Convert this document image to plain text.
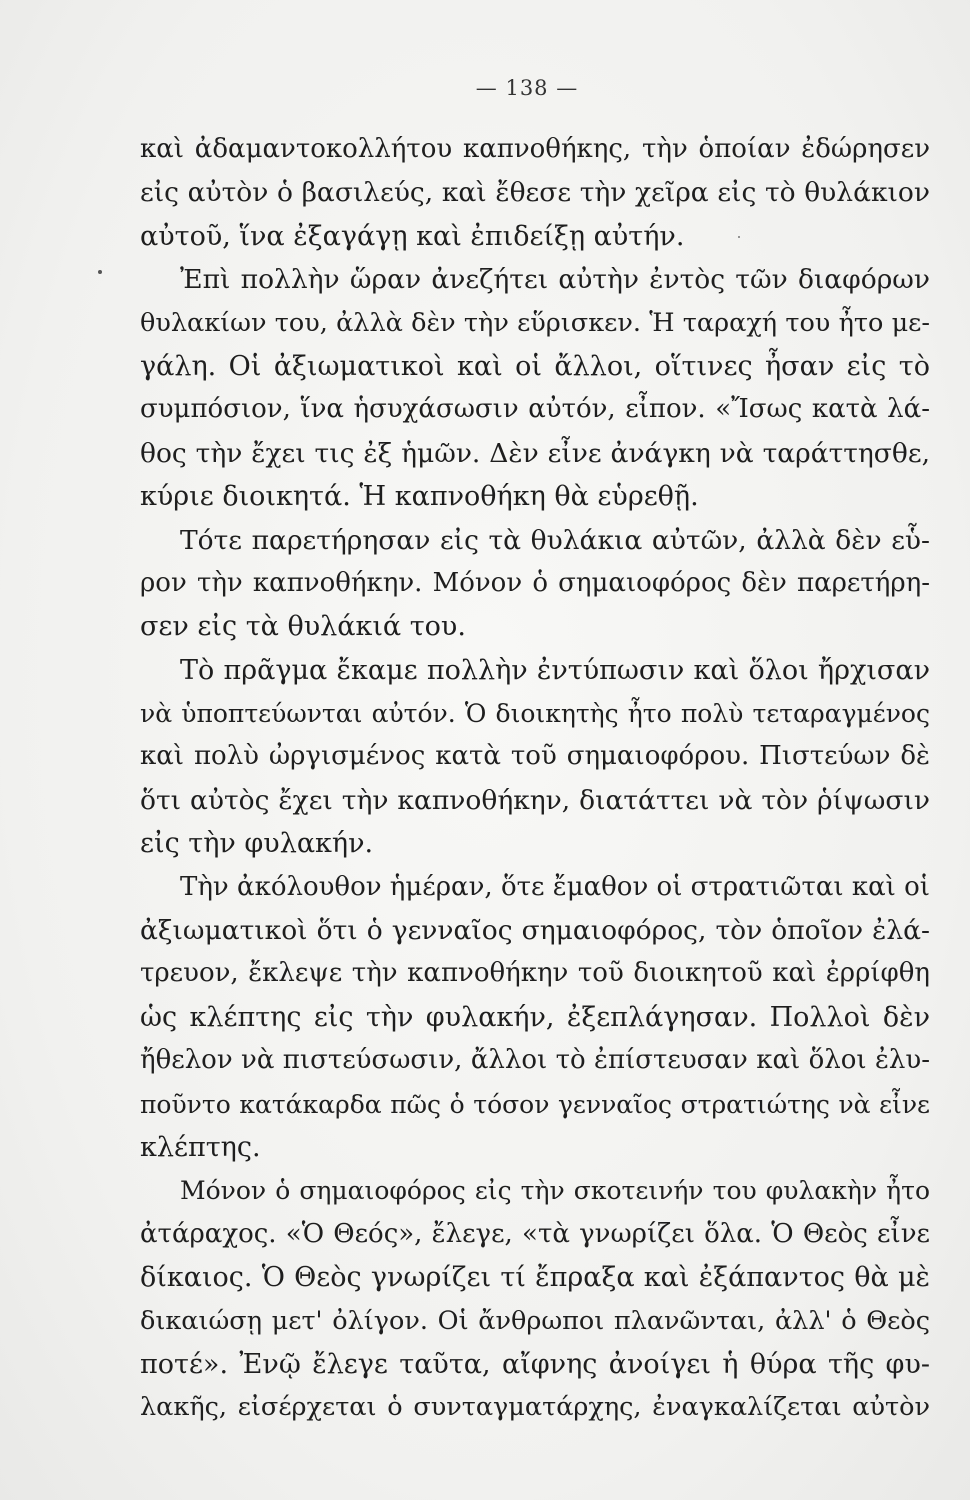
— 138 —
καὶ ἀδαμαντοκολλήτου καπνοθήκης, τὴν ὁποίαν ἐδώρησεν
εἰς αὐτὸν ὁ βασιλεύς, καὶ ἔθεσε τὴν χεῖρα εἰς τὸ θυλάκιον
αὐτοῦ, ἵνα ἐξαγάγῃ καὶ ἐπιδείξῃ αὐτήν.
Ἐπὶ πολλὴν ὥραν ἀνεζήτει αὐτὴν ἐντὸς τῶν διαφόρων
θυλακίων του, ἀλλὰ δὲν τὴν εὕρισκεν. Ἡ ταραχή του ἦτο με-
γάλη. Οἱ ἀξιωματικοὶ καὶ οἱ ἄλλοι, οἵτινες ἦσαν εἰς τὸ
συμπόσιον, ἵνα ἡσυχάσωσιν αὐτόν, εἶπον. «Ἴσως κατὰ λά-
θος τὴν ἔχει τις ἐξ ἡμῶν. Δὲν εἶνε ἀνάγκη νὰ ταράττησθε,
κύριε διοικητά. Ἡ καπνοθήκη θὰ εὑρεθῇ.
Τότε παρετήρησαν εἰς τὰ θυλάκια αὐτῶν, ἀλλὰ δὲν εὗ-
ρον τὴν καπνοθήκην. Μόνον ὁ σημαιοφόρος δὲν παρετήρη-
σεν εἰς τὰ θυλάκιά του.
Τὸ πρᾶγμα ἔκαμε πολλὴν ἐντύπωσιν καὶ ὅλοι ἤρχισαν
νὰ ὑποπτεύωνται αὐτόν. Ὁ διοικητὴς ἦτο πολὺ τεταραγμένος
καὶ πολὺ ὠργισμένος κατὰ τοῦ σημαιοφόρου. Πιστεύων δὲ
ὅτι αὐτὸς ἔχει τὴν καπνοθήκην, διατάττει νὰ τὸν ῥίψωσιν
εἰς τὴν φυλακήν.
Τὴν ἀκόλουθον ἡμέραν, ὅτε ἔμαθον οἱ στρατιῶται καὶ οἱ
ἀξιωματικοὶ ὅτι ὁ γενναῖος σημαιοφόρος, τὸν ὁποῖον ἐλά-
τρευον, ἔκλεψε τὴν καπνοθήκην τοῦ διοικητοῦ καὶ ἐρρίφθη
ὡς κλέπτης εἰς τὴν φυλακήν, ἐξεπλάγησαν. Πολλοὶ δὲν
ἤθελον νὰ πιστεύσωσιν, ἄλλοι τὸ ἐπίστευσαν καὶ ὅλοι ἐλυ-
ποῦντο κατάκαρδα πῶς ὁ τόσον γενναῖος στρατιώτης νὰ εἶνε
κλέπτης.
Μόνον ὁ σημαιοφόρος εἰς τὴν σκοτεινήν του φυλακὴν ἦτο
ἀτάραχος. «Ὁ Θεός», ἔλεγε, «τὰ γνωρίζει ὅλα. Ὁ Θεὸς εἶνε
δίκαιος. Ὁ Θεὸς γνωρίζει τί ἔπραξα καὶ ἐξάπαντος θὰ μὲ
δικαιώσῃ μετ' ὀλίγον. Οἱ ἄνθρωποι πλανῶνται, ἀλλ' ὁ Θεὸς
ποτέ». Ἐνῷ ἔλεγε ταῦτα, αἴφνης ἀνοίγει ἡ θύρα τῆς φυ-
λακῆς, εἰσέρχεται ὁ συνταγματάρχης, ἐναγκαλίζεται αὐτὸν
